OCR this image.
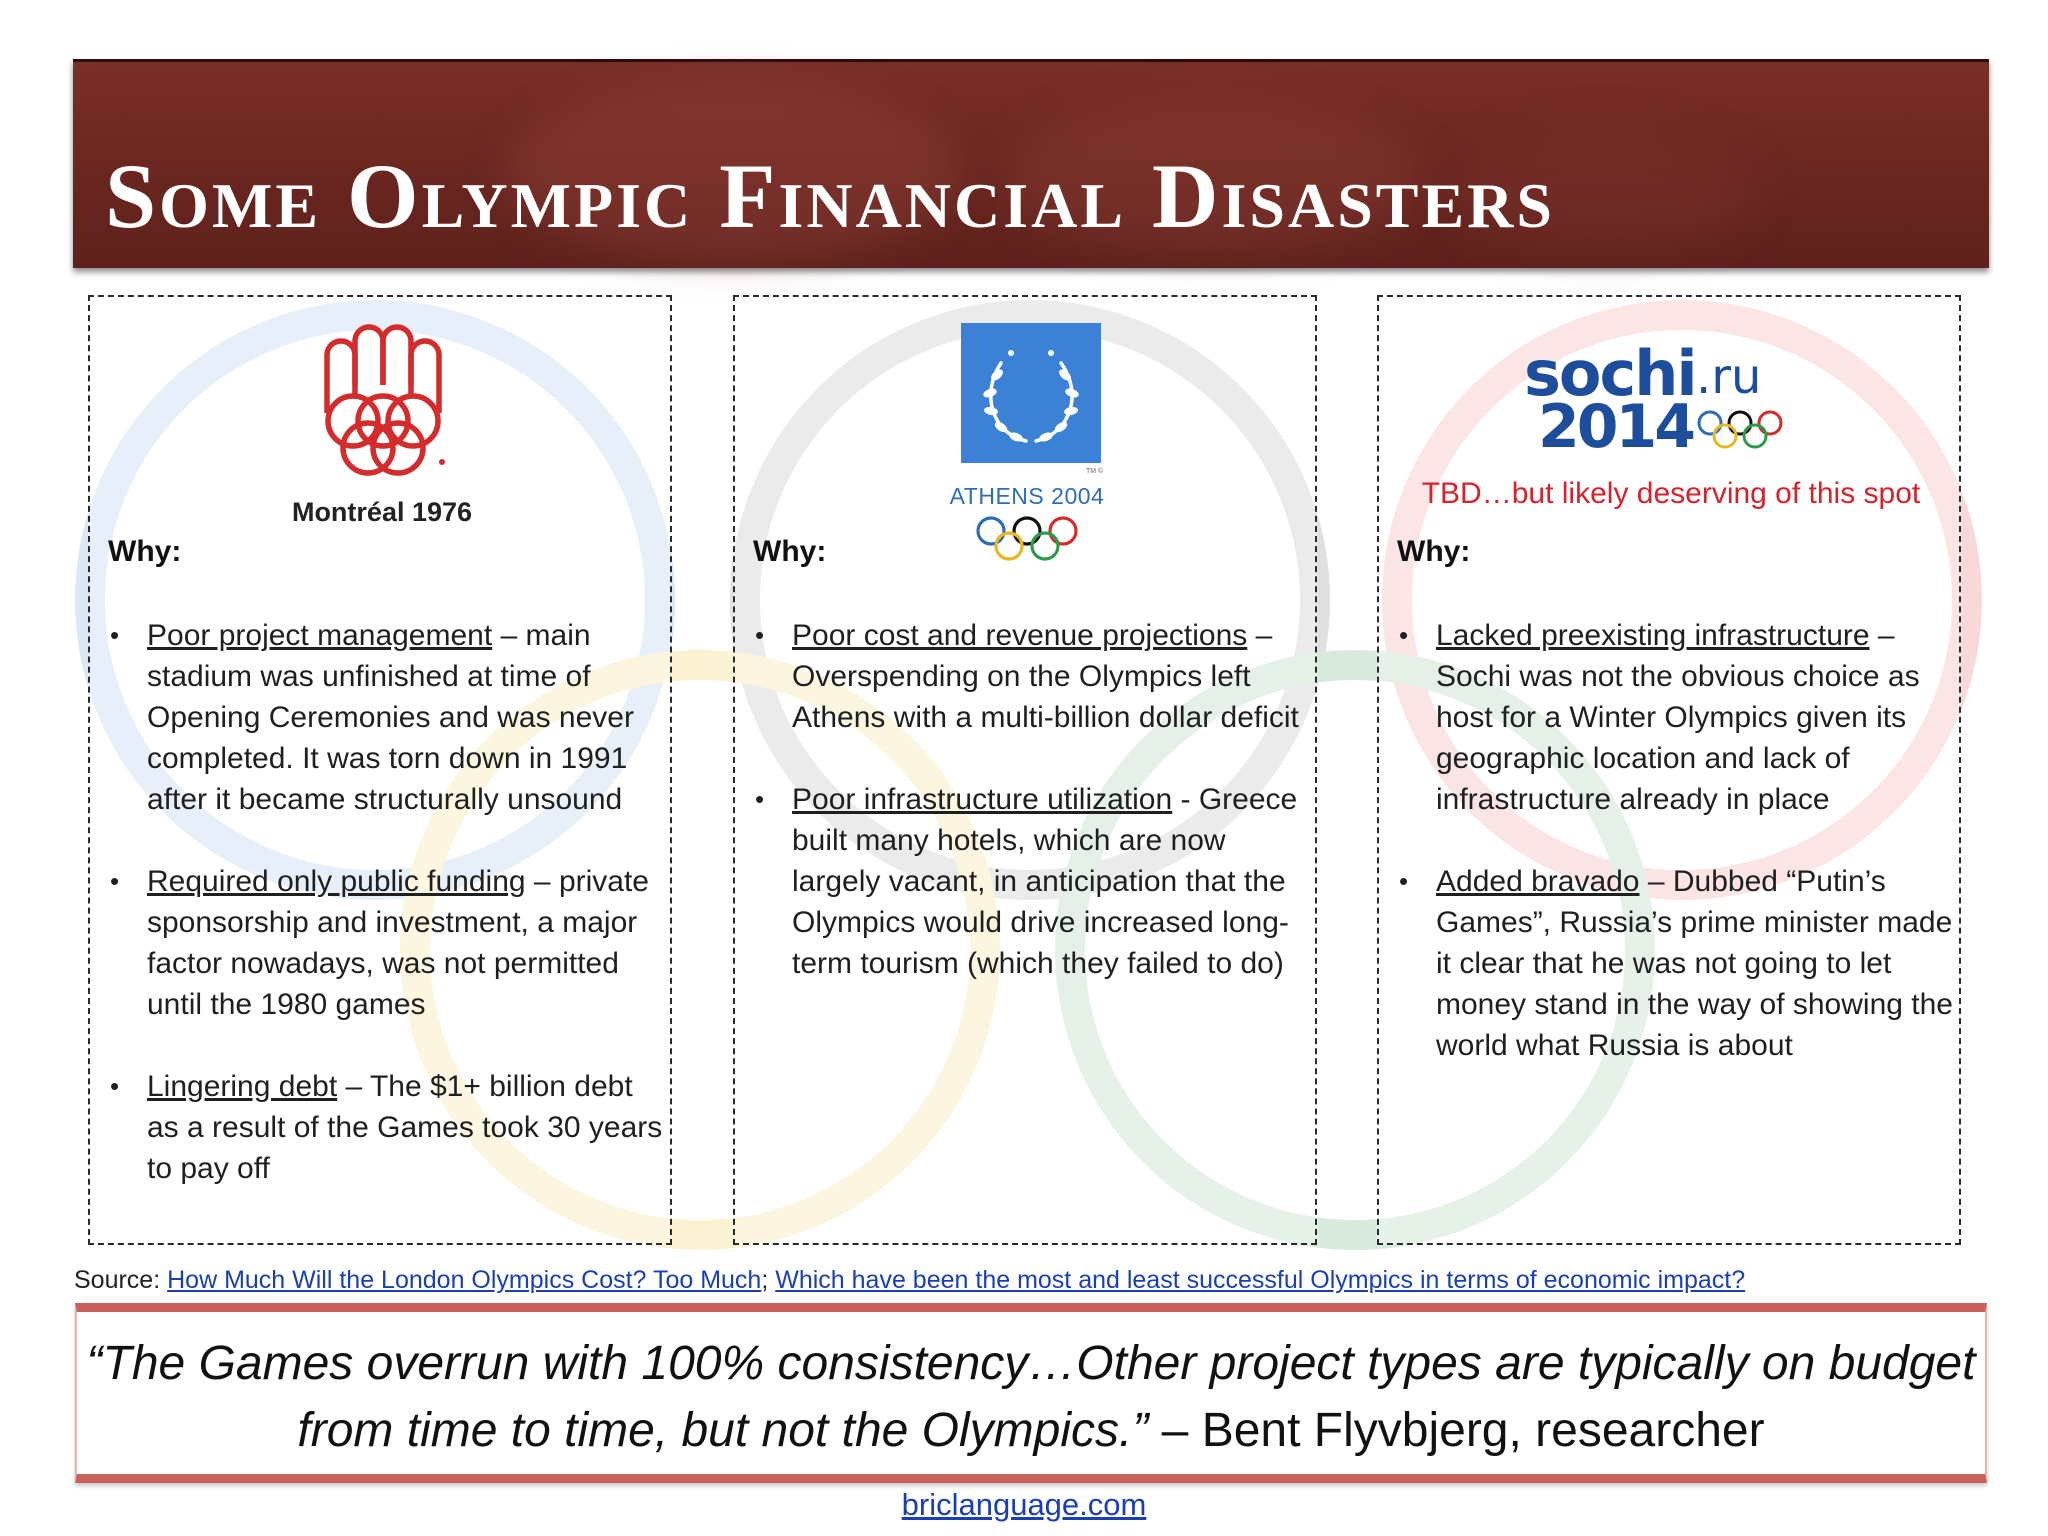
Some Olympic Financial Disasters
Montréal 1976
Why:
• Poor project management – main stadium was unfinished at time of Opening Ceremonies and was never completed. It was torn down in 1991 after it became structurally unsound
• Required only public funding – private sponsorship and investment, a major factor nowadays, was not permitted until the 1980 games
• Lingering debt – The $1+ billion debt as a result of the Games took 30 years to pay off
TM ©
ATHENS 2004
Why:
• Poor cost and revenue projections – Overspending on the Olympics left Athens with a multi-billion dollar deficit
• Poor infrastructure utilization - Greece built many hotels, which are now largely vacant, in anticipation that the Olympics would drive increased long-term tourism (which they failed to do)
sochi .ru
2014
TBD…but likely deserving of this spot
Why:
• Lacked preexisting infrastructure – Sochi was not the obvious choice as host for a Winter Olympics given its geographic location and lack of infrastructure already in place
• Added bravado – Dubbed “Putin’s Games”, Russia’s prime minister made it clear that he was not going to let money stand in the way of showing the world what Russia is about
Source: How Much Will the London Olympics Cost? Too Much; Which have been the most and least successful Olympics in terms of economic impact?
“The Games overrun with 100% consistency…Other project types are typically on budget from time to time, but not the Olympics.” – Bent Flyvbjerg, researcher
briclanguage.com
